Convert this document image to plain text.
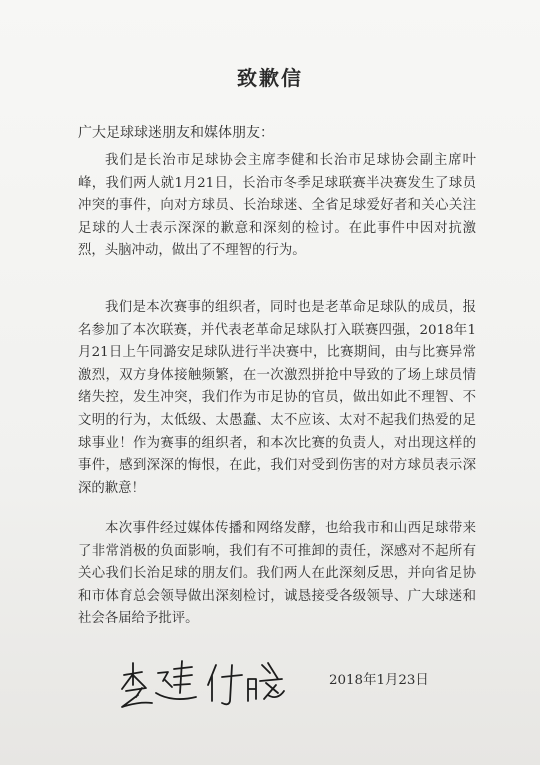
致歉信
广大足球球迷朋友和媒体朋友：

我们是长治市足球协会主席李健和长治市足球协会副主席叶峰，我们两人就1月21日，长治市冬季足球联赛半决赛发生了球员冲突的事件，向对方球员、长治球迷、全省足球爱好者和关心关注足球的人士表示深深的歉意和深刻的检讨。在此事件中因对抗激烈，头脑冲动，做出了不理智的行为。

我们是本次赛事的组织者，同时也是老革命足球队的成员，报名参加了本次联赛，并代表老革命足球队打入联赛四强，2018年1月21日上午同潞安足球队进行半决赛中，比赛期间，由与比赛异常激烈，双方身体接触频繁，在一次激烈拼抢中导致的了场上球员情绪失控，发生冲突，我们作为市足协的官员，做出如此不理智、不文明的行为，太低级、太愚蠢、太不应该、太对不起我们热爱的足球事业！作为赛事的组织者，和本次比赛的负责人，对出现这样的事件，感到深深的悔恨，在此，我们对受到伤害的对方球员表示深深的歉意！

本次事件经过媒体传播和网络发酵，也给我市和山西足球带来了非常消极的负面影响，我们有不可推卸的责任，深感对不起所有关心我们长治足球的朋友们。我们两人在此深刻反思，并向省足协和市体育总会领导做出深刻检讨，诚恳接受各级领导、广大球迷和社会各届给予批评。

2018年1月23日
